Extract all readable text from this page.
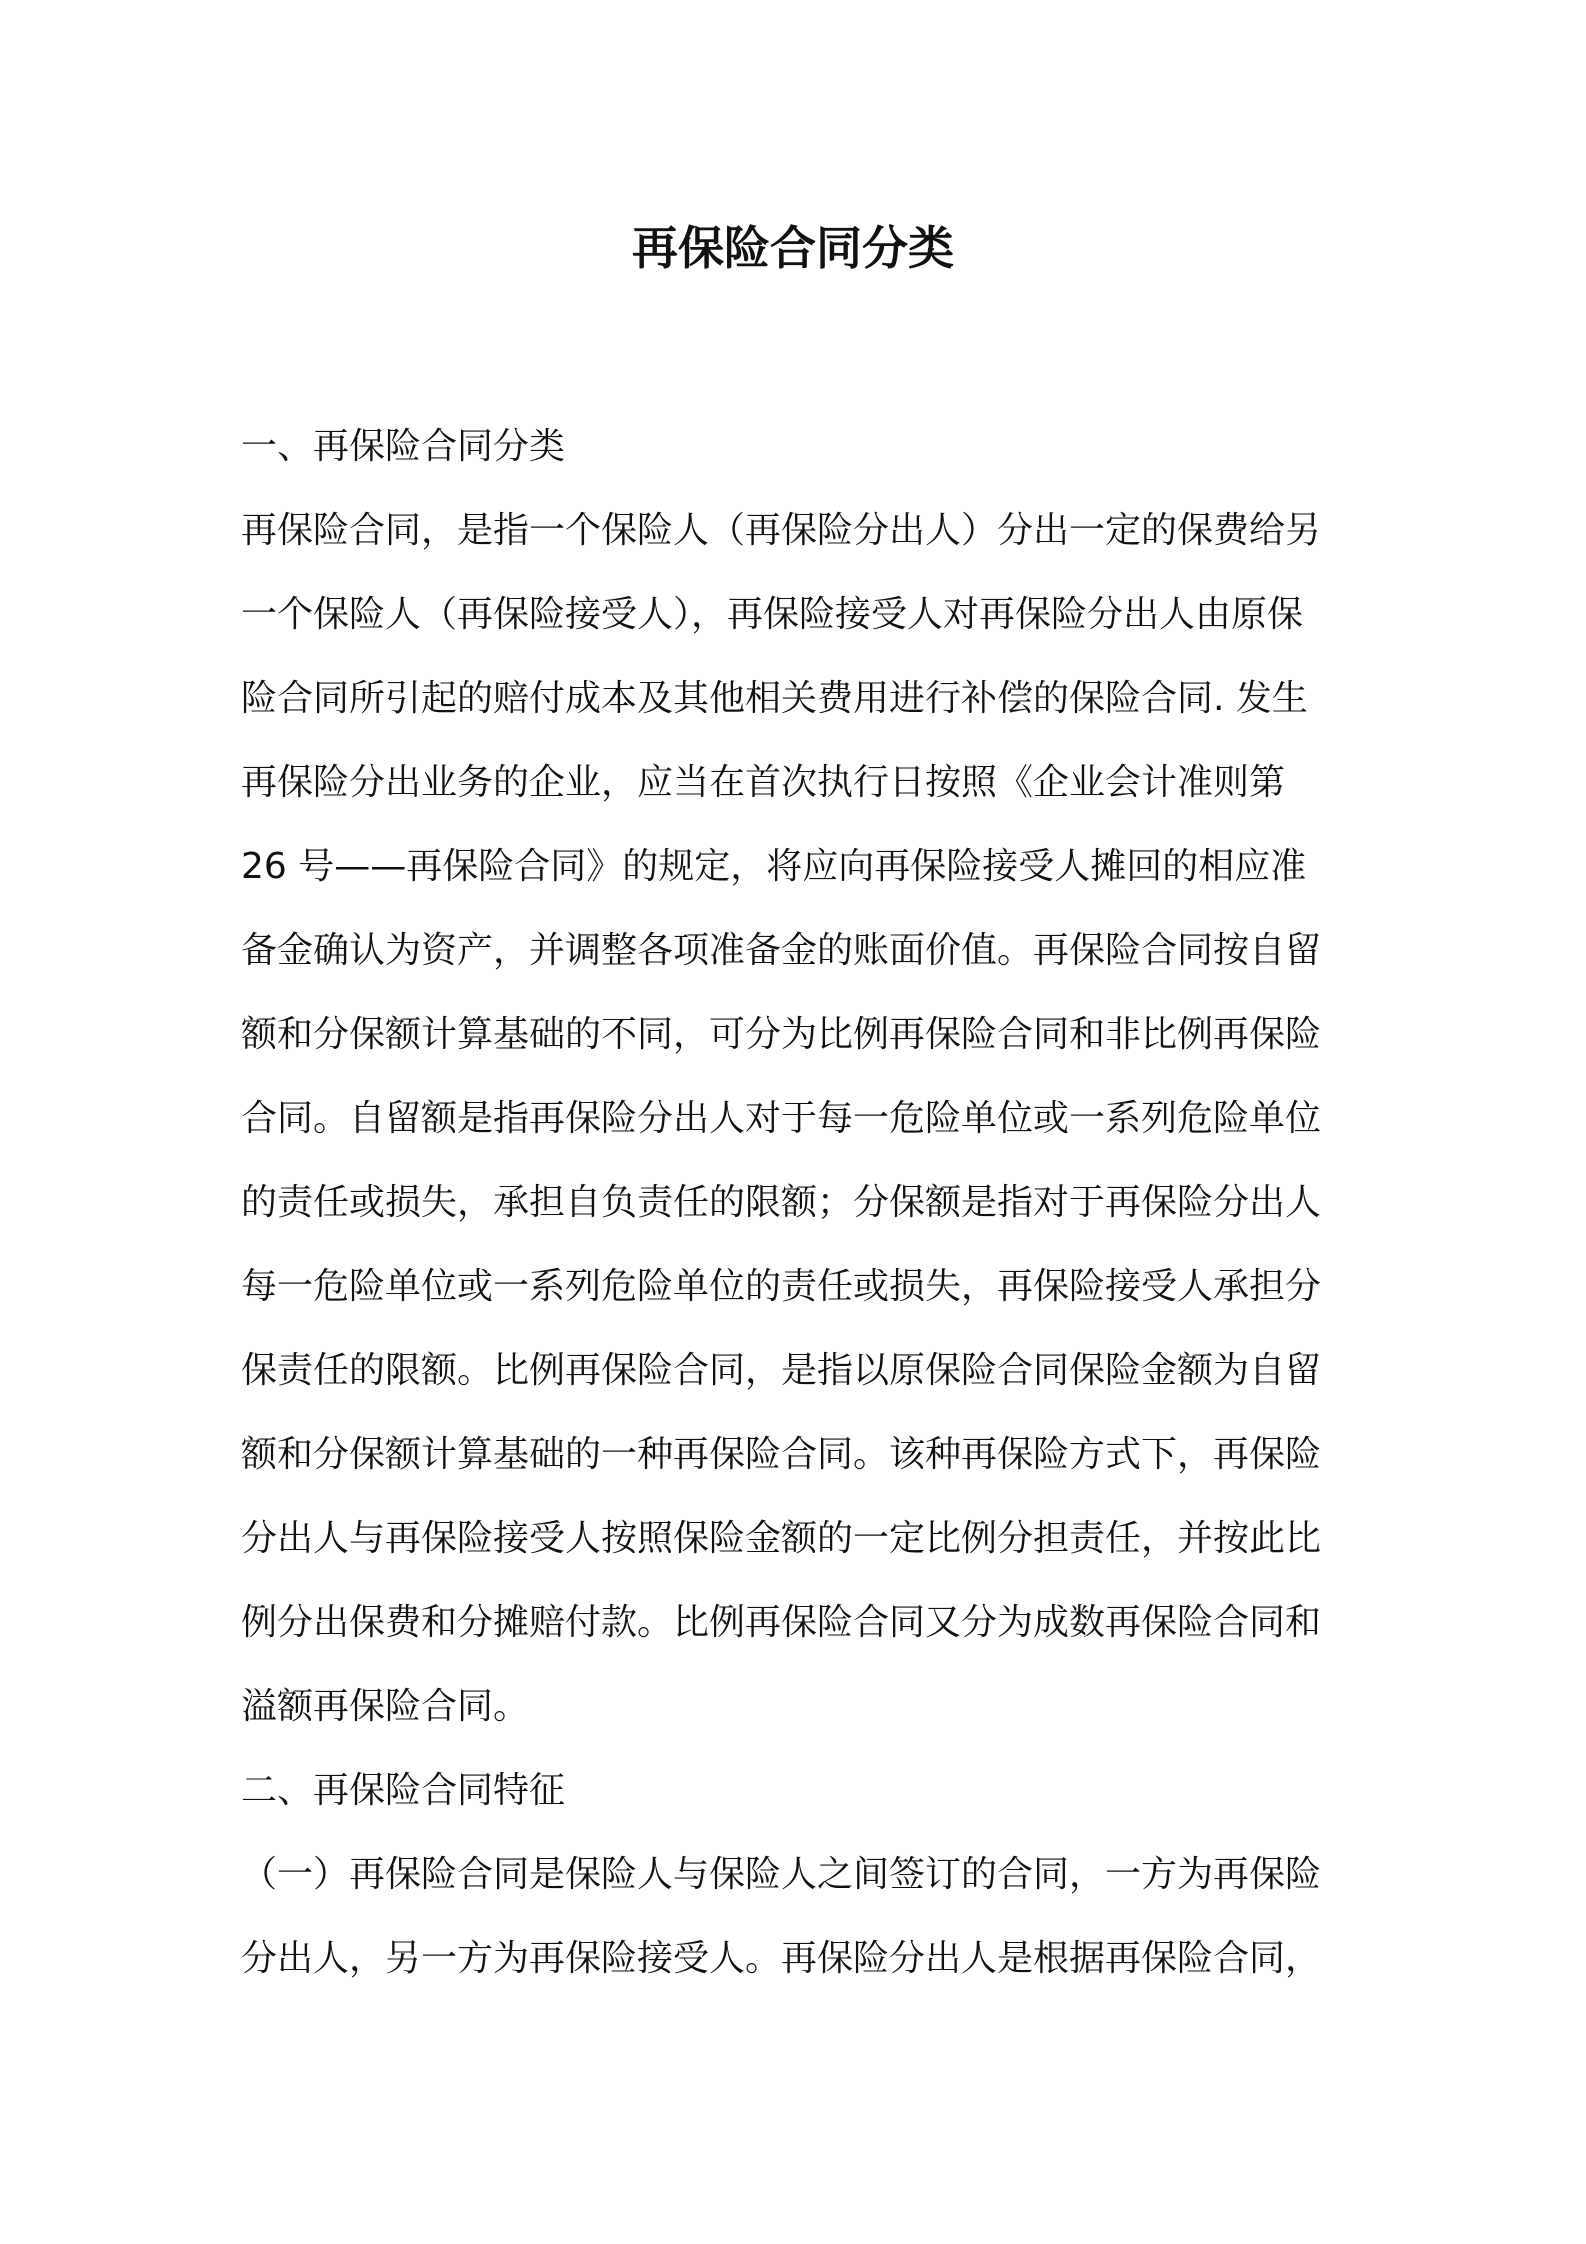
再保险合同分类
一、再保险合同分类
再保险合同，是指一个保险人（再保险分出人）分出一定的保费给另
一个保险人（再保险接受人），再保险接受人对再保险分出人由原保
险合同所引起的赔付成本及其他相关费用进行补偿的保险合同. 发生
再保险分出业务的企业，应当在首次执行日按照《企业会计准则第
26 号——再保险合同》的规定，将应向再保险接受人摊回的相应准
备金确认为资产，并调整各项准备金的账面价值。再保险合同按自留
额和分保额计算基础的不同，可分为比例再保险合同和非比例再保险
合同。自留额是指再保险分出人对于每一危险单位或一系列危险单位
的责任或损失，承担自负责任的限额；分保额是指对于再保险分出人
每一危险单位或一系列危险单位的责任或损失，再保险接受人承担分
保责任的限额。比例再保险合同，是指以原保险合同保险金额为自留
额和分保额计算基础的一种再保险合同。该种再保险方式下，再保险
分出人与再保险接受人按照保险金额的一定比例分担责任，并按此比
例分出保费和分摊赔付款。比例再保险合同又分为成数再保险合同和
溢额再保险合同。
二、再保险合同特征
（一）再保险合同是保险人与保险人之间签订的合同，一方为再保险
分出人，另一方为再保险接受人。再保险分出人是根据再保险合同，
